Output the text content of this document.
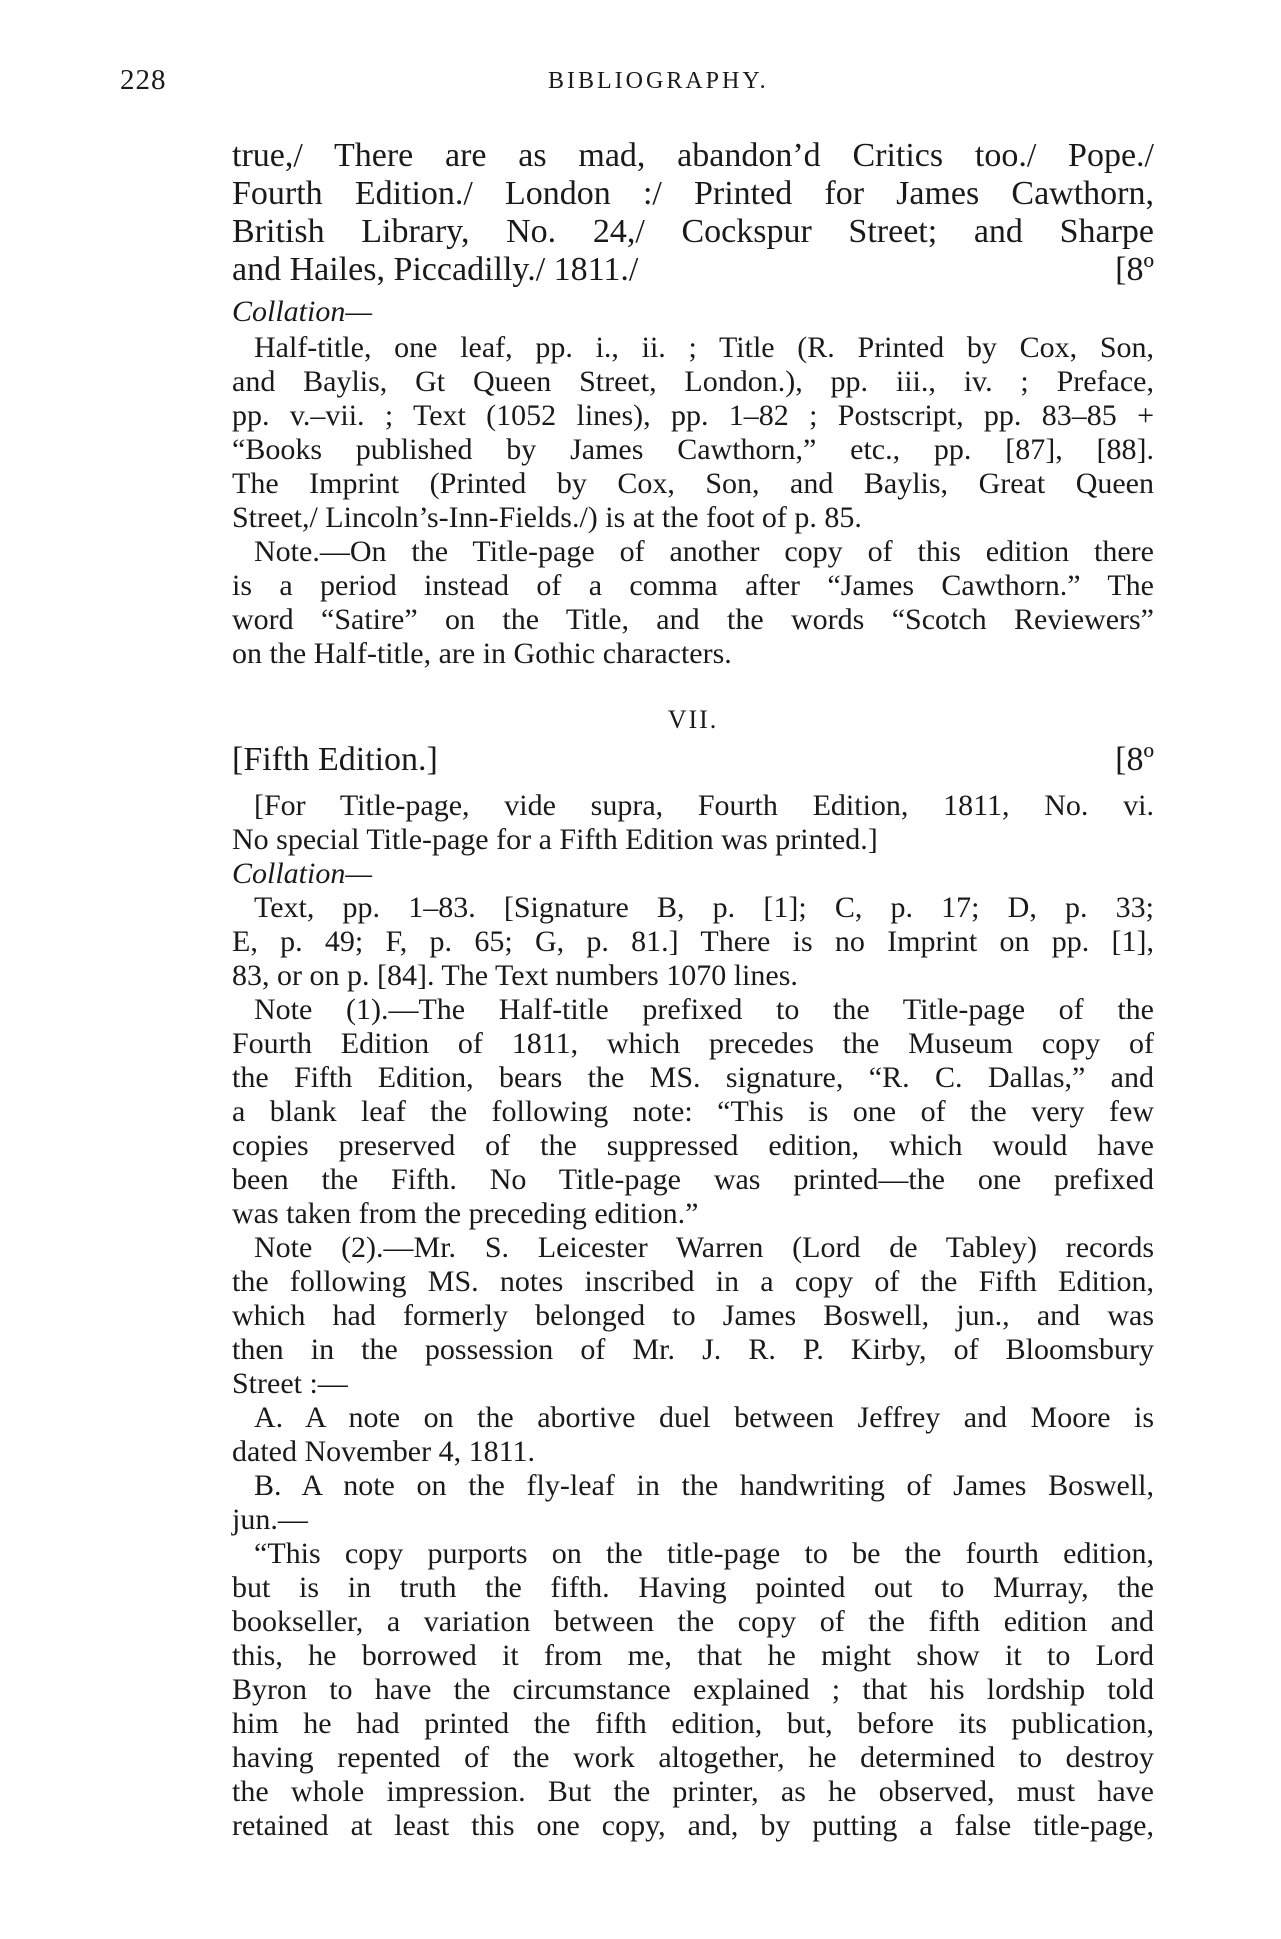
228	BIBLIOGRAPHY.
true,/ There are as mad, abandon’d Critics too./ Pope./
Fourth Edition./ London :/ Printed for James Cawthorn,
British Library, No. 24,/ Cockspur Street; and Sharpe
and Hailes, Piccadilly./ 1811./	[8º
Collation—
Half-title, one leaf, pp. i., ii. ; Title (R. Printed by Cox, Son,
and Baylis, Gt Queen Street, London.), pp. iii., iv. ; Preface,
pp. v.–vii. ; Text (1052 lines), pp. 1–82 ; Postscript, pp. 83–85 +
“Books published by James Cawthorn,” etc., pp. [87], [88].
The Imprint (Printed by Cox, Son, and Baylis, Great Queen
Street,/ Lincoln’s-Inn-Fields./) is at the foot of p. 85.
Note.—On the Title-page of another copy of this edition there
is a period instead of a comma after “James Cawthorn.” The
word “Satire” on the Title, and the words “Scotch Reviewers”
on the Half-title, are in Gothic characters.
VII.
[Fifth Edition.]	[8º
[For Title-page, vide supra, Fourth Edition, 1811, No. vi.
No special Title-page for a Fifth Edition was printed.]
Collation—
Text, pp. 1–83. [Signature B, p. [1]; C, p. 17; D, p. 33;
E, p. 49; F, p. 65; G, p. 81.] There is no Imprint on pp. [1],
83, or on p. [84]. The Text numbers 1070 lines.
Note (1).—The Half-title prefixed to the Title-page of the
Fourth Edition of 1811, which precedes the Museum copy of
the Fifth Edition, bears the MS. signature, “R. C. Dallas,” and
a blank leaf the following note: “This is one of the very few
copies preserved of the suppressed edition, which would have
been the Fifth. No Title-page was printed—the one prefixed
was taken from the preceding edition.”
Note (2).—Mr. S. Leicester Warren (Lord de Tabley) records
the following MS. notes inscribed in a copy of the Fifth Edition,
which had formerly belonged to James Boswell, jun., and was
then in the possession of Mr. J. R. P. Kirby, of Bloomsbury
Street :—
A. A note on the abortive duel between Jeffrey and Moore is
dated November 4, 1811.
B. A note on the fly-leaf in the handwriting of James Boswell,
jun.—
“This copy purports on the title-page to be the fourth edition,
but is in truth the fifth. Having pointed out to Murray, the
bookseller, a variation between the copy of the fifth edition and
this, he borrowed it from me, that he might show it to Lord
Byron to have the circumstance explained ; that his lordship told
him he had printed the fifth edition, but, before its publication,
having repented of the work altogether, he determined to destroy
the whole impression. But the printer, as he observed, must have
retained at least this one copy, and, by putting a false title-page,
